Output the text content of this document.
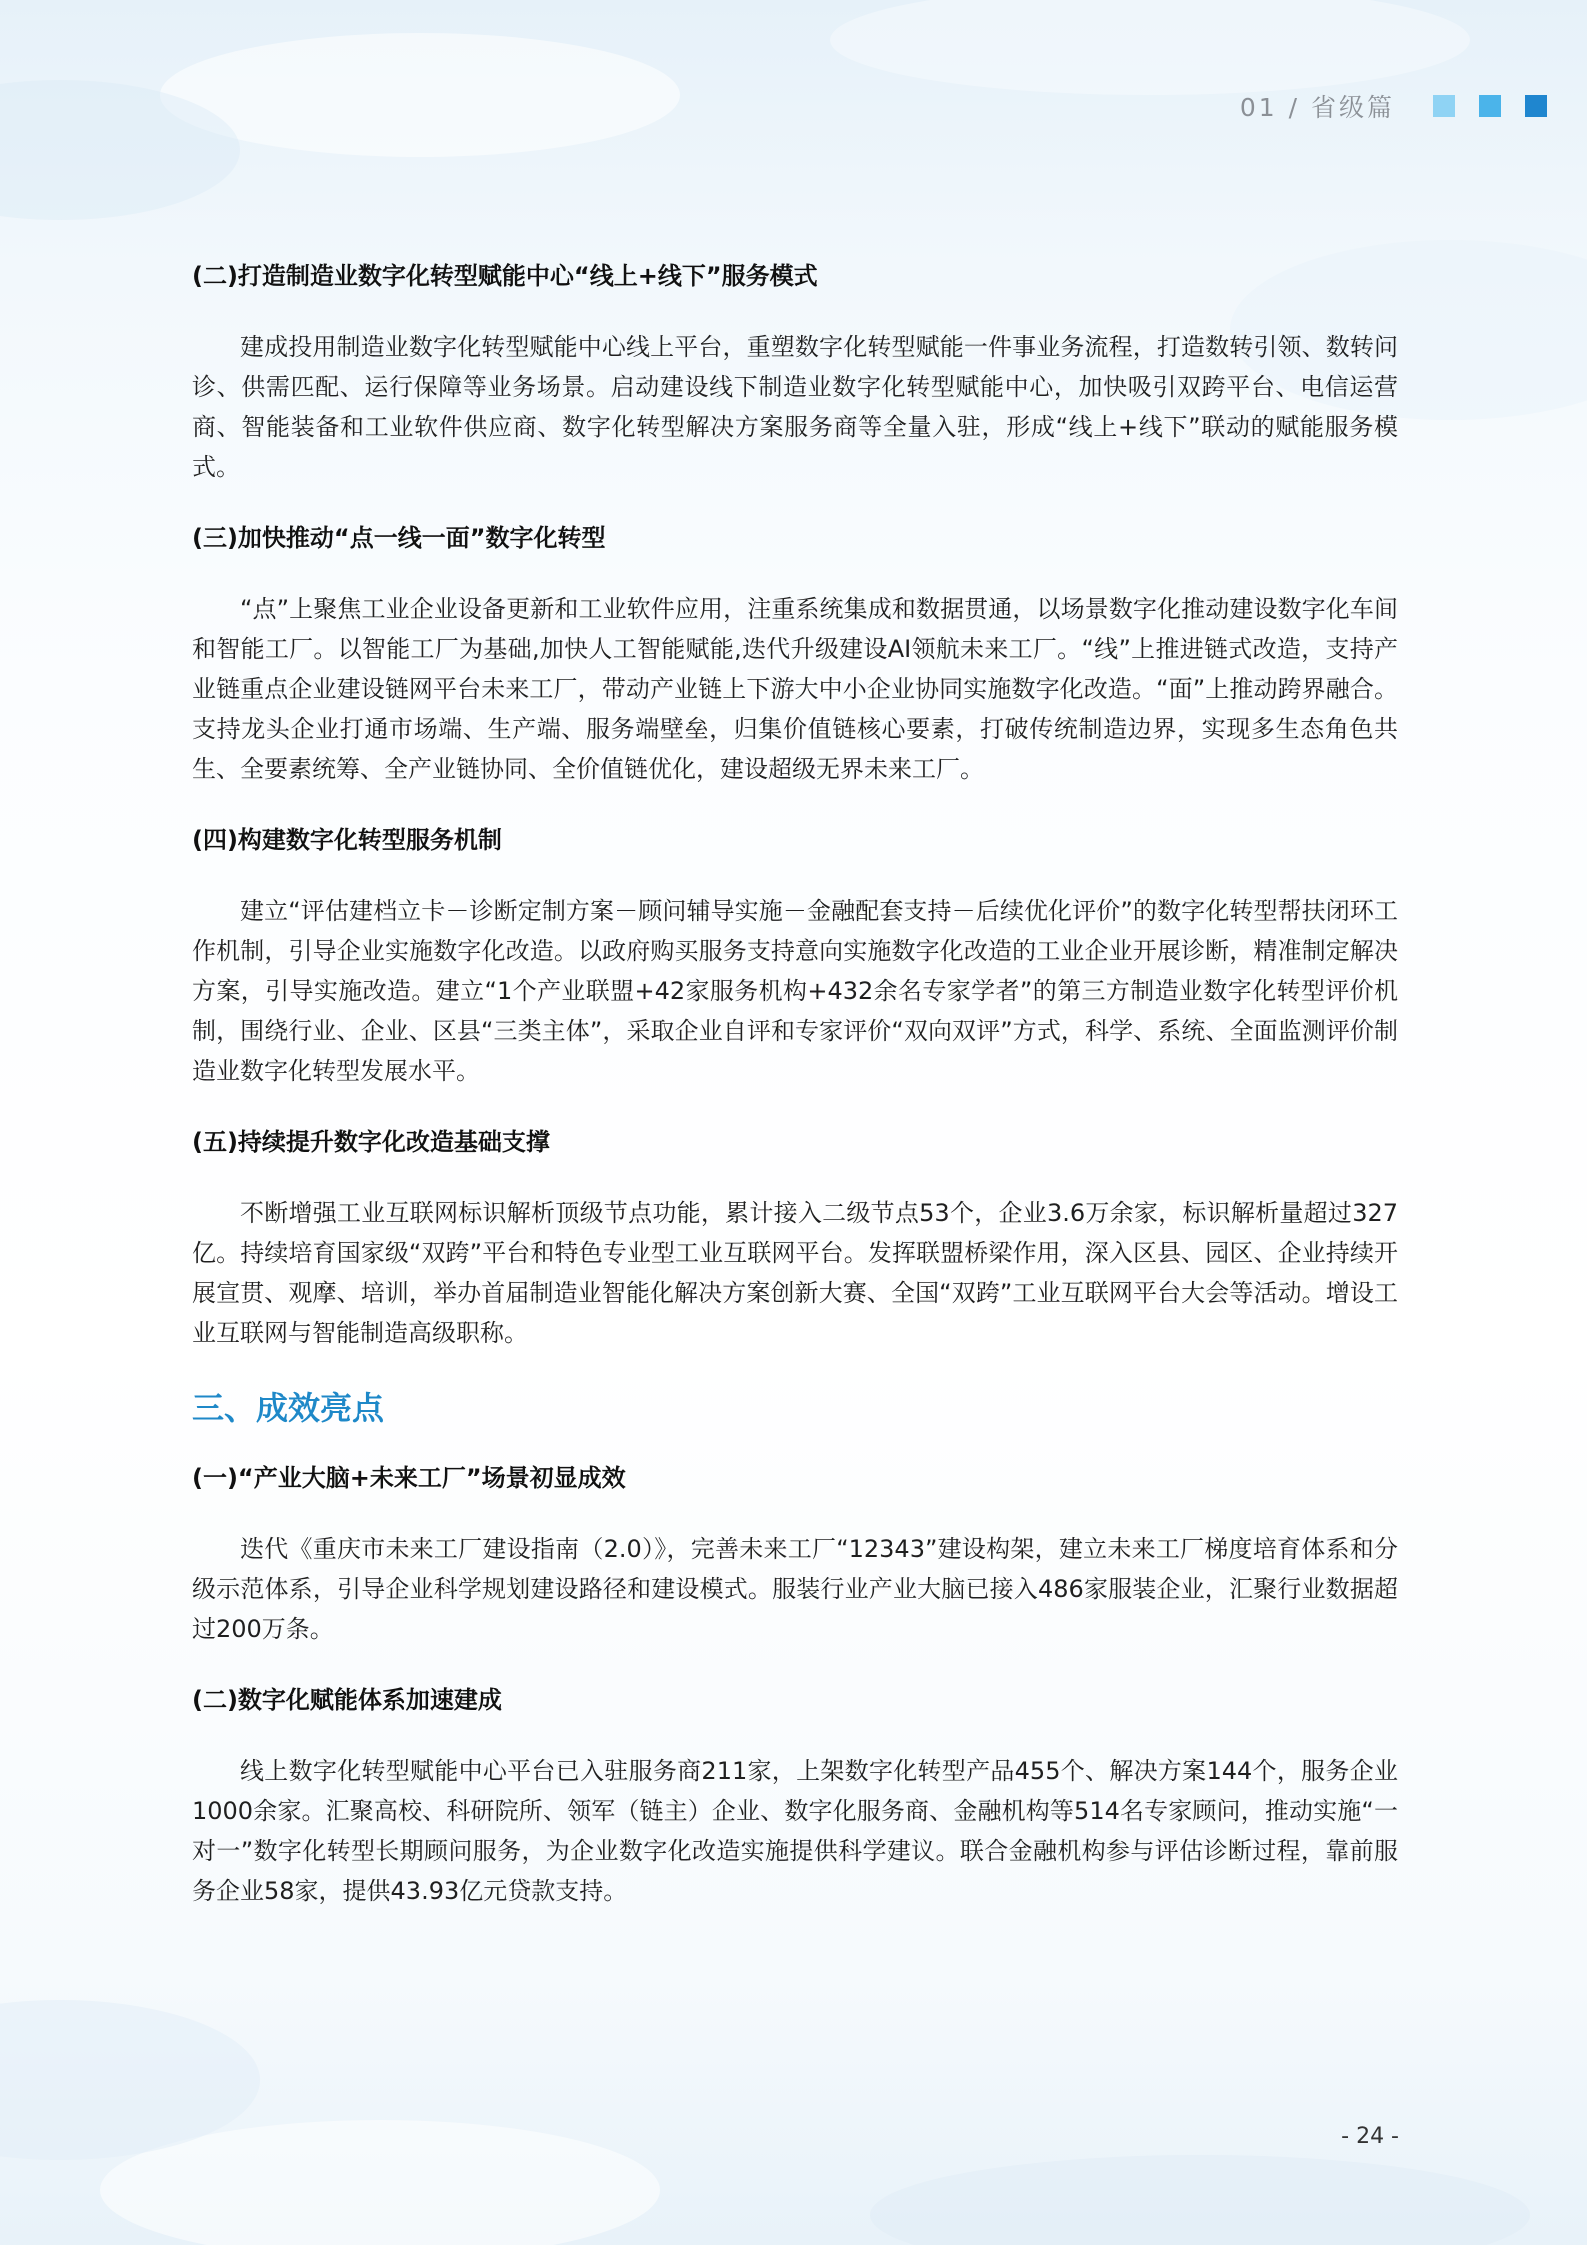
01 / 省级篇
(二)打造制造业数字化转型赋能中心“线上+线下”服务模式
建成投用制造业数字化转型赋能中心线上平台，重塑数字化转型赋能一件事业务流程，打造数转引领、数转问诊、供需匹配、运行保障等业务场景。启动建设线下制造业数字化转型赋能中心，加快吸引双跨平台、电信运营商、智能装备和工业软件供应商、数字化转型解决方案服务商等全量入驻，形成“线上+线下”联动的赋能服务模式。
(三)加快推动“点一线一面”数字化转型
“点”上聚焦工业企业设备更新和工业软件应用，注重系统集成和数据贯通，以场景数字化推动建设数字化车间和智能工厂。以智能工厂为基础,加快人工智能赋能,迭代升级建设AI领航未来工厂。“线”上推进链式改造，支持产业链重点企业建设链网平台未来工厂，带动产业链上下游大中小企业协同实施数字化改造。“面”上推动跨界融合。支持龙头企业打通市场端、生产端、服务端壁垒，归集价值链核心要素，打破传统制造边界，实现多生态角色共生、全要素统筹、全产业链协同、全价值链优化，建设超级无界未来工厂。
(四)构建数字化转型服务机制
建立“评估建档立卡－诊断定制方案－顾问辅导实施－金融配套支持－后续优化评价”的数字化转型帮扶闭环工作机制，引导企业实施数字化改造。以政府购买服务支持意向实施数字化改造的工业企业开展诊断，精准制定解决方案，引导实施改造。建立“1个产业联盟+42家服务机构+432余名专家学者”的第三方制造业数字化转型评价机制，围绕行业、企业、区县“三类主体”，采取企业自评和专家评价“双向双评”方式，科学、系统、全面监测评价制造业数字化转型发展水平。
(五)持续提升数字化改造基础支撑
不断增强工业互联网标识解析顶级节点功能，累计接入二级节点53个，企业3.6万余家，标识解析量超过327亿。持续培育国家级“双跨”平台和特色专业型工业互联网平台。发挥联盟桥梁作用，深入区县、园区、企业持续开展宣贯、观摩、培训，举办首届制造业智能化解决方案创新大赛、全国“双跨”工业互联网平台大会等活动。增设工业互联网与智能制造高级职称。
三、成效亮点
(一)“产业大脑+未来工厂”场景初显成效
迭代《重庆市未来工厂建设指南（2.0）》，完善未来工厂“12343”建设构架，建立未来工厂梯度培育体系和分级示范体系，引导企业科学规划建设路径和建设模式。服装行业产业大脑已接入486家服装企业，汇聚行业数据超过200万条。
(二)数字化赋能体系加速建成
线上数字化转型赋能中心平台已入驻服务商211家，上架数字化转型产品455个、解决方案144个，服务企业1000余家。汇聚高校、科研院所、领军（链主）企业、数字化服务商、金融机构等514名专家顾问，推动实施“一对一”数字化转型长期顾问服务，为企业数字化改造实施提供科学建议。联合金融机构参与评估诊断过程，靠前服务企业58家，提供43.93亿元贷款支持。
- 24 -
